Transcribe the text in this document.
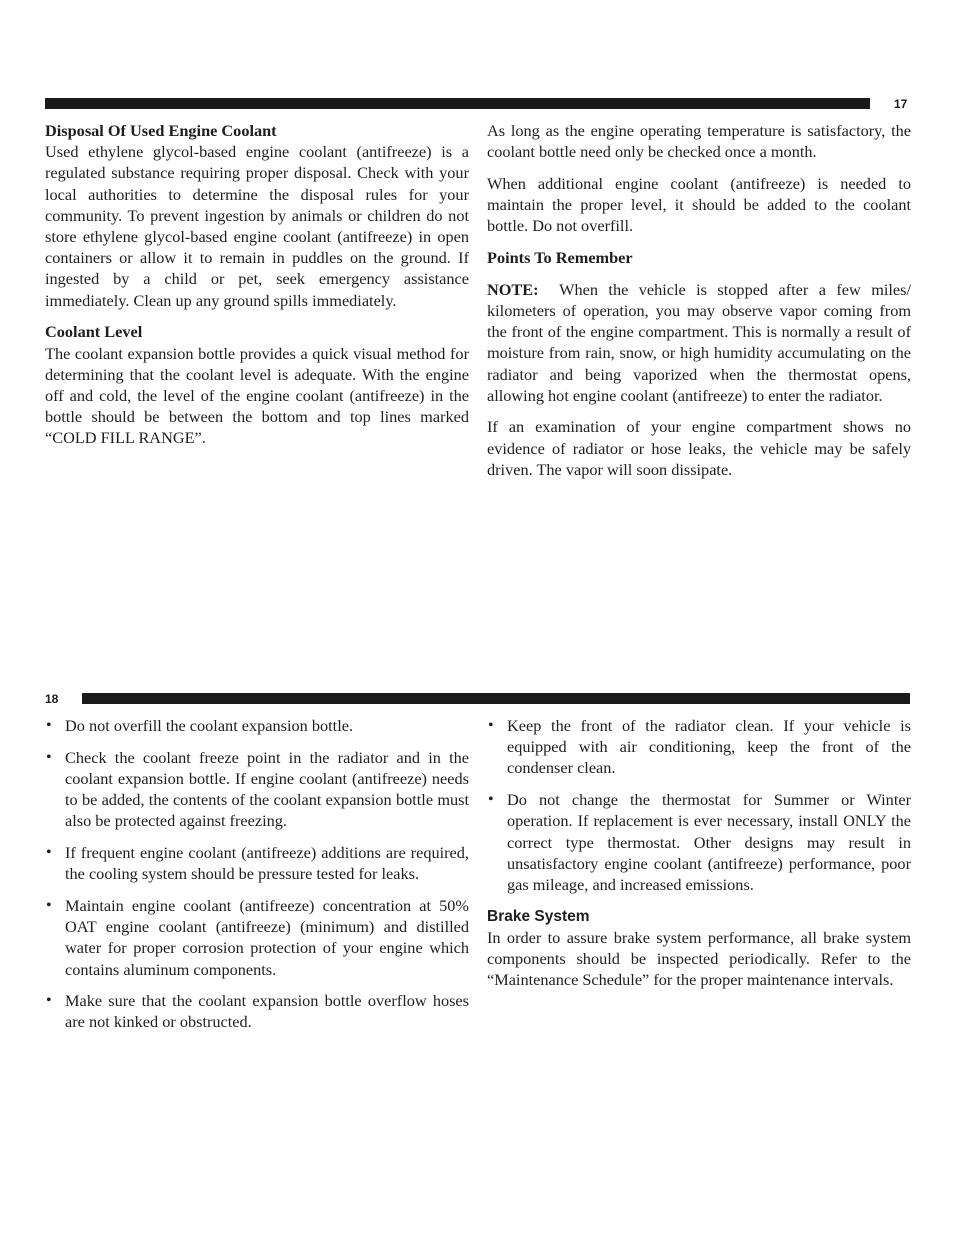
17
Disposal Of Used Engine Coolant

Used ethylene glycol-based engine coolant (antifreeze) is a regulated substance requiring proper disposal. Check with your local authorities to determine the disposal rules for your community. To prevent ingestion by animals or children do not store ethylene glycol-based engine coolant (antifreeze) in open containers or allow it to remain in puddles on the ground. If ingested by a child or pet, seek emergency assistance immediately. Clean up any ground spills immediately.

Coolant Level

The coolant expansion bottle provides a quick visual method for determining that the coolant level is adequate. With the engine off and cold, the level of the engine coolant (antifreeze) in the bottle should be between the bottom and top lines marked “COLD FILL RANGE”.

As long as the engine operating temperature is satisfactory, the coolant bottle need only be checked once a month.

When additional engine coolant (antifreeze) is needed to maintain the proper level, it should be added to the coolant bottle. Do not overfill.

Points To Remember

NOTE: When the vehicle is stopped after a few miles/ kilometers of operation, you may observe vapor coming from the front of the engine compartment. This is normally a result of moisture from rain, snow, or high humidity accumulating on the radiator and being vaporized when the thermostat opens, allowing hot engine coolant (antifreeze) to enter the radiator.

If an examination of your engine compartment shows no evidence of radiator or hose leaks, the vehicle may be safely driven. The vapor will soon dissipate.

18
• Do not overfill the coolant expansion bottle.
• Check the coolant freeze point in the radiator and in the coolant expansion bottle. If engine coolant (antifreeze) needs to be added, the contents of the coolant expansion bottle must also be protected against freezing.
• If frequent engine coolant (antifreeze) additions are required, the cooling system should be pressure tested for leaks.
• Maintain engine coolant (antifreeze) concentration at 50% OAT engine coolant (antifreeze) (minimum) and distilled water for proper corrosion protection of your engine which contains aluminum components.
• Make sure that the coolant expansion bottle overflow hoses are not kinked or obstructed.
• Keep the front of the radiator clean. If your vehicle is equipped with air conditioning, keep the front of the condenser clean.
• Do not change the thermostat for Summer or Winter operation. If replacement is ever necessary, install ONLY the correct type thermostat. Other designs may result in unsatisfactory engine coolant (antifreeze) performance, poor gas mileage, and increased emissions.
Brake System

In order to assure brake system performance, all brake system components should be inspected periodically. Refer to the “Maintenance Schedule” for the proper maintenance intervals.
